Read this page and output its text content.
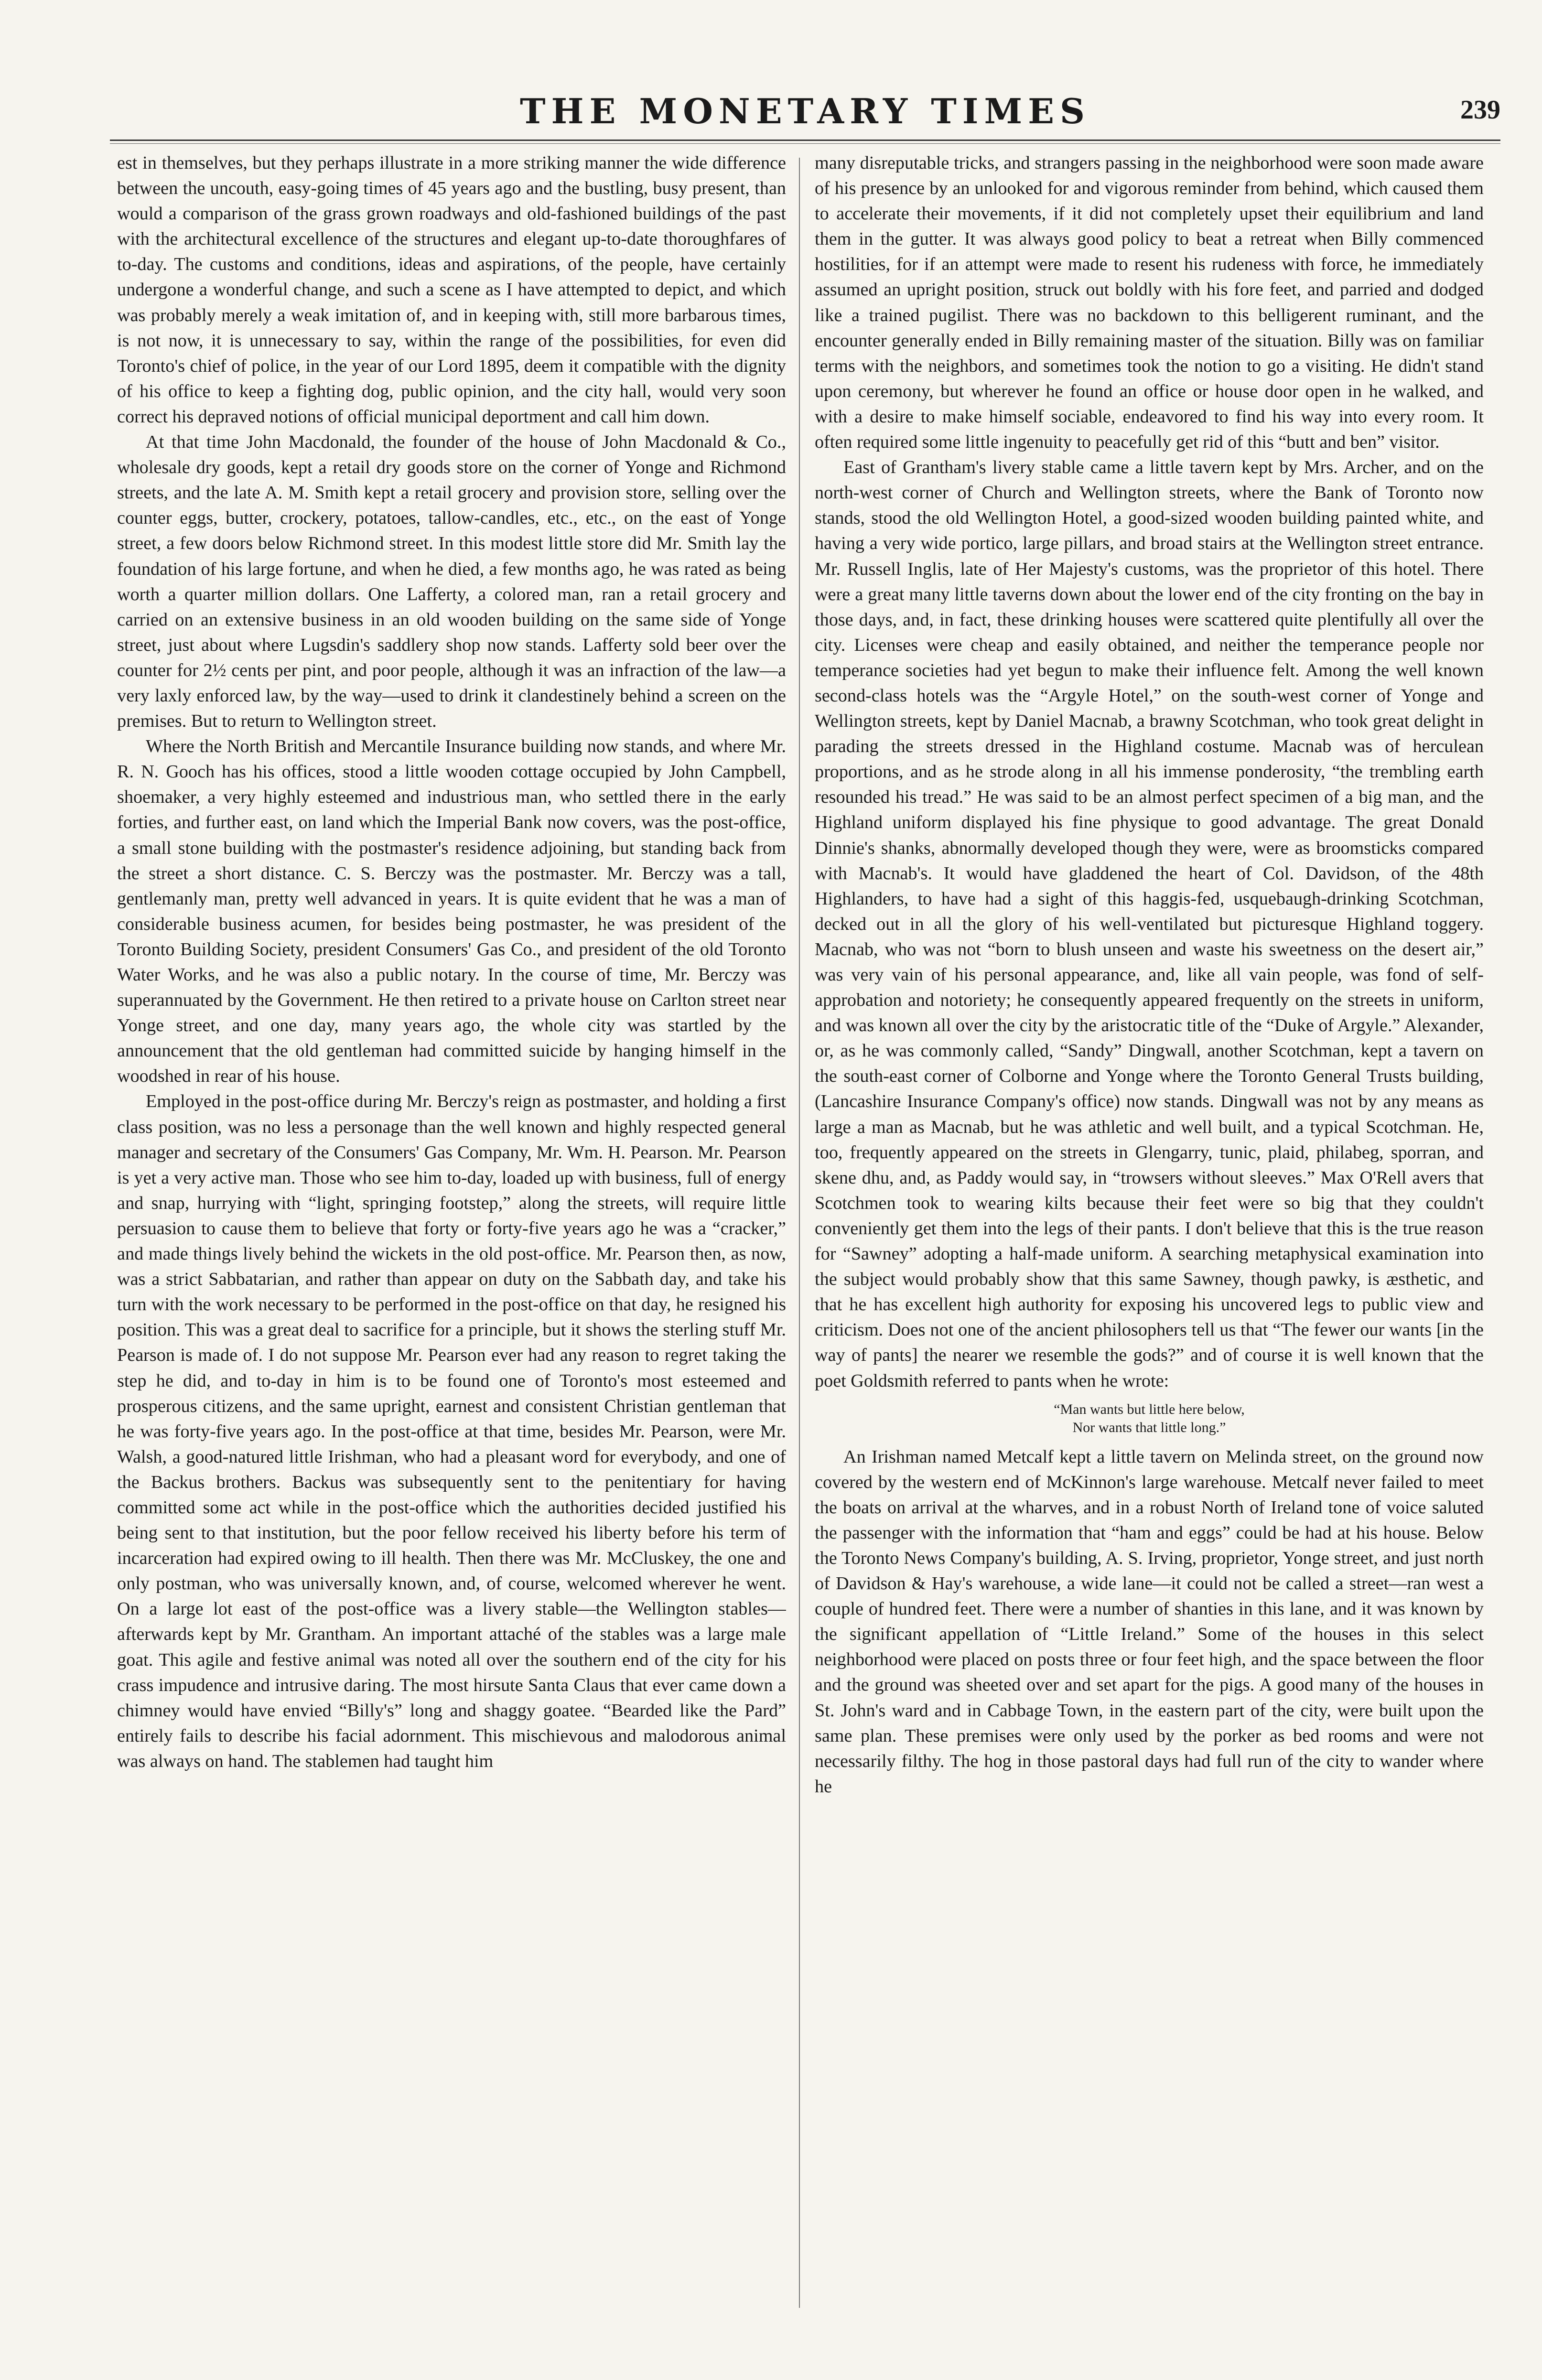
THE MONETARY TIMES	239

est in themselves, but they perhaps illustrate in a more striking manner the wide difference between the uncouth, easy-going times of 45 years ago and the bustling, busy present, than would a comparison of the grass grown roadways and old-fashioned buildings of the past with the architectural excellence of the structures and elegant up-to-date thoroughfares of to-day. The customs and conditions, ideas and aspirations, of the people, have certainly undergone a wonderful change, and such a scene as I have attempted to depict, and which was probably merely a weak imitation of, and in keeping with, still more barbarous times, is not now, it is unnecessary to say, within the range of the possibilities, for even did Toronto's chief of police, in the year of our Lord 1895, deem it compatible with the dignity of his office to keep a fighting dog, public opinion, and the city hall, would very soon correct his depraved notions of official municipal deportment and call him down.

At that time John Macdonald, the founder of the house of John Macdonald & Co., wholesale dry goods, kept a retail dry goods store on the corner of Yonge and Richmond streets, and the late A. M. Smith kept a retail grocery and provision store, selling over the counter eggs, butter, crockery, potatoes, tallow-candles, etc., etc., on the east of Yonge street, a few doors below Richmond street. In this modest little store did Mr. Smith lay the foundation of his large fortune, and when he died, a few months ago, he was rated as being worth a quarter million dollars. One Lafferty, a colored man, ran a retail grocery and carried on an extensive business in an old wooden building on the same side of Yonge street, just about where Lugsdin's saddlery shop now stands. Lafferty sold beer over the counter for 2½ cents per pint, and poor people, although it was an infraction of the law—a very laxly enforced law, by the way—used to drink it clandestinely behind a screen on the premises. But to return to Wellington street.

Where the North British and Mercantile Insurance building now stands, and where Mr. R. N. Gooch has his offices, stood a little wooden cottage occupied by John Campbell, shoemaker, a very highly esteemed and industrious man, who settled there in the early forties, and further east, on land which the Imperial Bank now covers, was the post-office, a small stone building with the postmaster's residence adjoining, but standing back from the street a short distance. C. S. Berczy was the postmaster. Mr. Berczy was a tall, gentlemanly man, pretty well advanced in years. It is quite evident that he was a man of considerable business acumen, for besides being postmaster, he was president of the Toronto Building Society, president Consumers' Gas Co., and president of the old Toronto Water Works, and he was also a public notary. In the course of time, Mr. Berczy was superannuated by the Government. He then retired to a private house on Carlton street near Yonge street, and one day, many years ago, the whole city was startled by the announcement that the old gentleman had committed suicide by hanging himself in the woodshed in rear of his house.

Employed in the post-office during Mr. Berczy's reign as postmaster, and holding a first class position, was no less a personage than the well known and highly respected general manager and secretary of the Consumers' Gas Company, Mr. Wm. H. Pearson. Mr. Pearson is yet a very active man. Those who see him to-day, loaded up with business, full of energy and snap, hurrying with “light, springing footstep,” along the streets, will require little persuasion to cause them to believe that forty or forty-five years ago he was a “cracker,” and made things lively behind the wickets in the old post-office. Mr. Pearson then, as now, was a strict Sabbatarian, and rather than appear on duty on the Sabbath day, and take his turn with the work necessary to be performed in the post-office on that day, he resigned his position. This was a great deal to sacrifice for a principle, but it shows the sterling stuff Mr. Pearson is made of. I do not suppose Mr. Pearson ever had any reason to regret taking the step he did, and to-day in him is to be found one of Toronto's most esteemed and prosperous citizens, and the same upright, earnest and consistent Christian gentleman that he was forty-five years ago. In the post-office at that time, besides Mr. Pearson, were Mr. Walsh, a good-natured little Irishman, who had a pleasant word for everybody, and one of the Backus brothers. Backus was subsequently sent to the penitentiary for having committed some act while in the post-office which the authorities decided justified his being sent to that institution, but the poor fellow received his liberty before his term of incarceration had expired owing to ill health. Then there was Mr. McCluskey, the one and only postman, who was universally known, and, of course, welcomed wherever he went. On a large lot east of the post-office was a livery stable—the Wellington stables—afterwards kept by Mr. Grantham. An important attaché of the stables was a large male goat. This agile and festive animal was noted all over the southern end of the city for his crass impudence and intrusive daring. The most hirsute Santa Claus that ever came down a chimney would have envied “Billy's” long and shaggy goatee. “Bearded like the Pard” entirely fails to describe his facial adornment. This mischievous and malodorous animal was always on hand. The stablemen had taught him

many disreputable tricks, and strangers passing in the neighborhood were soon made aware of his presence by an unlooked for and vigorous reminder from behind, which caused them to accelerate their movements, if it did not completely upset their equilibrium and land them in the gutter. It was always good policy to beat a retreat when Billy commenced hostilities, for if an attempt were made to resent his rudeness with force, he immediately assumed an upright position, struck out boldly with his fore feet, and parried and dodged like a trained pugilist. There was no backdown to this belligerent ruminant, and the encounter generally ended in Billy remaining master of the situation. Billy was on familiar terms with the neighbors, and sometimes took the notion to go a visiting. He didn't stand upon ceremony, but wherever he found an office or house door open in he walked, and with a desire to make himself sociable, endeavored to find his way into every room. It often required some little ingenuity to peacefully get rid of this “butt and ben” visitor.

East of Grantham's livery stable came a little tavern kept by Mrs. Archer, and on the north-west corner of Church and Wellington streets, where the Bank of Toronto now stands, stood the old Wellington Hotel, a good-sized wooden building painted white, and having a very wide portico, large pillars, and broad stairs at the Wellington street entrance. Mr. Russell Inglis, late of Her Majesty's customs, was the proprietor of this hotel. There were a great many little taverns down about the lower end of the city fronting on the bay in those days, and, in fact, these drinking houses were scattered quite plentifully all over the city. Licenses were cheap and easily obtained, and neither the temperance people nor temperance societies had yet begun to make their influence felt. Among the well known second-class hotels was the “Argyle Hotel,” on the south-west corner of Yonge and Wellington streets, kept by Daniel Macnab, a brawny Scotchman, who took great delight in parading the streets dressed in the Highland costume. Macnab was of herculean proportions, and as he strode along in all his immense ponderosity, “the trembling earth resounded his tread.” He was said to be an almost perfect specimen of a big man, and the Highland uniform displayed his fine physique to good advantage. The great Donald Dinnie's shanks, abnormally developed though they were, were as broomsticks compared with Macnab's. It would have gladdened the heart of Col. Davidson, of the 48th Highlanders, to have had a sight of this haggis-fed, usquebaugh-drinking Scotchman, decked out in all the glory of his well-ventilated but picturesque Highland toggery. Macnab, who was not “born to blush unseen and waste his sweetness on the desert air,” was very vain of his personal appearance, and, like all vain people, was fond of self-approbation and notoriety; he consequently appeared frequently on the streets in uniform, and was known all over the city by the aristocratic title of the “Duke of Argyle.” Alexander, or, as he was commonly called, “Sandy” Dingwall, another Scotchman, kept a tavern on the south-east corner of Colborne and Yonge where the Toronto General Trusts building, (Lancashire Insurance Company's office) now stands. Dingwall was not by any means as large a man as Macnab, but he was athletic and well built, and a typical Scotchman. He, too, frequently appeared on the streets in Glengarry, tunic, plaid, philabeg, sporran, and skene dhu, and, as Paddy would say, in “trowsers without sleeves.” Max O'Rell avers that Scotchmen took to wearing kilts because their feet were so big that they couldn't conveniently get them into the legs of their pants. I don't believe that this is the true reason for “Sawney” adopting a half-made uniform. A searching metaphysical examination into the subject would probably show that this same Sawney, though pawky, is æsthetic, and that he has excellent high authority for exposing his uncovered legs to public view and criticism. Does not one of the ancient philosophers tell us that “The fewer our wants [in the way of pants] the nearer we resemble the gods?” and of course it is well known that the poet Goldsmith referred to pants when he wrote:

“Man wants but little here below,
Nor wants that little long.”

An Irishman named Metcalf kept a little tavern on Melinda street, on the ground now covered by the western end of McKinnon's large warehouse. Metcalf never failed to meet the boats on arrival at the wharves, and in a robust North of Ireland tone of voice saluted the passenger with the information that “ham and eggs” could be had at his house. Below the Toronto News Company's building, A. S. Irving, proprietor, Yonge street, and just north of Davidson & Hay's warehouse, a wide lane—it could not be called a street—ran west a couple of hundred feet. There were a number of shanties in this lane, and it was known by the significant appellation of “Little Ireland.” Some of the houses in this select neighborhood were placed on posts three or four feet high, and the space between the floor and the ground was sheeted over and set apart for the pigs. A good many of the houses in St. John's ward and in Cabbage Town, in the eastern part of the city, were built upon the same plan. These premises were only used by the porker as bed rooms and were not necessarily filthy. The hog in those pastoral days had full run of the city to wander where he
